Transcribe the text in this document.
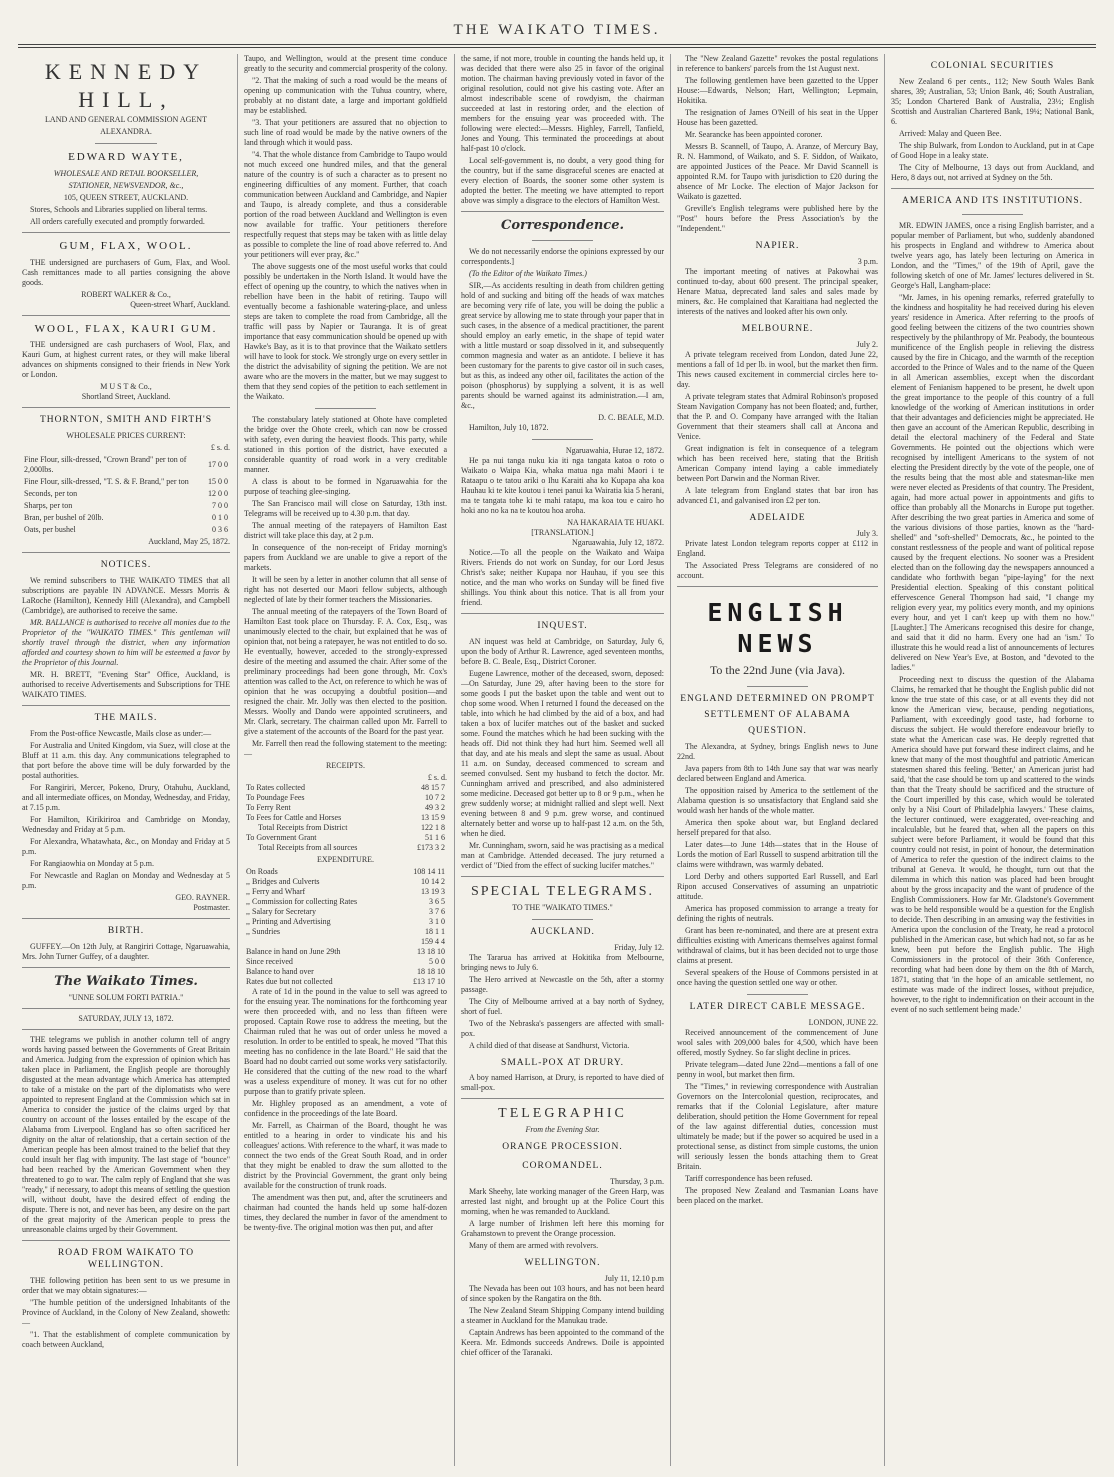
THE WAIKATO TIMES.
KENNEDY HILL,
LAND AND GENERAL COMMISSION AGENT
ALEXANDRA.
EDWARD WAYTE,
WHOLESALE AND RETAIL BOOKSELLER,
STATIONER, NEWSVENDOR, &c.,
105, QUEEN STREET, AUCKLAND.

Stores, Schools and Libraries supplied on liberal terms.

All orders carefully executed and promptly forwarded.

GUM, FLAX, WOOL.

THE undersigned are purchasers of Gum, Flax, and Wool. Cash remittances made to all parties consigning the above goods.

ROBERT WALKER & Co.,
Queen-street Wharf, Auckland.
WOOL, FLAX, KAURI GUM.

THE undersigned are cash purchasers of Wool, Flax, and Kauri Gum, at highest current rates, or they will make liberal advances on shipments consigned to their friends in New York or London.

M U S T & Co.,
Shortland Street, Auckland.
THORNTON, SMITH AND FIRTH'S
WHOLESALE PRICES CURRENT:
£ s. d.
Fine Flour, silk-dressed, "Crown Brand" per ton of 2,000lbs.	17 0 0
Fine Flour, silk-dressed, "T. S. & F. Brand," per ton	15 0 0
Seconds, per ton	12 0 0
Sharps, per ton	7 0 0
Bran, per bushel of 20lb.	0 1 0
Oats, per bushel	0 3 6
Auckland, May 25, 1872.
NOTICES.

We remind subscribers to THE WAIKATO TIMES that all subscriptions are payable IN ADVANCE. Messrs Morris & LaRoche (Hamilton), Kennedy Hill (Alexandra), and Campbell (Cambridge), are authorised to receive the same.

MR. BALLANCE is authorised to receive all monies due to the Proprietor of the "WAIKATO TIMES." This gentleman will shortly travel through the district, when any information afforded and courtesy shown to him will be esteemed a favor by the Proprietor of this Journal.

MR. H. BRETT, "Evening Star" Office, Auckland, is authorised to receive Advertisements and Subscriptions for THE WAIKATO TIMES.

THE MAILS.

From the Post-office Newcastle, Mails close as under:—

For Australia and United Kingdom, via Suez, will close at the Bluff at 11 a.m. this day. Any communications telegraphed to that port before the above time will be duly forwarded by the postal authorities.

For Rangiriri, Mercer, Pokeno, Drury, Otahuhu, Auckland, and all intermediate offices, on Monday, Wednesday, and Friday, at 7.15 p.m.

For Hamilton, Kirikiriroa and Cambridge on Monday, Wednesday and Friday at 5 p.m.

For Alexandra, Whatawhata, &c., on Monday and Friday at 5 p.m.

For Rangiaowhia on Monday at 5 p.m.

For Newcastle and Raglan on Monday and Wednesday at 5 p.m.

GEO. RAYNER.
Postmaster.
BIRTH.

GUFFEY.—On 12th July, at Rangiriri Cottage, Ngaruawahia, Mrs. John Turner Guffey, of a daughter.

The Waikato Times.
"UNNE SOLUM FORTI PATRIA."
SATURDAY, JULY 13, 1872.

THE telegrams we publish in another column tell of angry words having passed between the Governments of Great Britain and America. Judging from the expression of opinion which has taken place in Parliament, the English people are thoroughly disgusted at the mean advantage which America has attempted to take of a mistake on the part of the diplomatists who were appointed to represent England at the Commission which sat in America to consider the justice of the claims urged by that country on account of the losses entailed by the escape of the Alabama from Liverpool. England has so often sacrificed her dignity on the altar of relationship, that a certain section of the American people has been almost trained to the belief that they could insult her flag with impunity. The last stage of "bounce" had been reached by the American Government when they threatened to go to war. The calm reply of England that she was "ready," if necessary, to adopt this means of settling the question will, without doubt, have the desired effect of ending the dispute. There is not, and never has been, any desire on the part of the great majority of the American people to press the unreasonable claims urged by their Government.

ROAD FROM WAIKATO TO WELLINGTON.

THE following petition has been sent to us we presume in order that we may obtain signatures:—

"The humble petition of the undersigned Inhabitants of the Province of Auckland, in the Colony of New Zealand, showeth:—

"1. That the establishment of complete communication by coach between Auckland,

Taupo, and Wellington, would at the present time conduce greatly to the security and commercial prosperity of the colony.

"2. That the making of such a road would be the means of opening up communication with the Tuhua country, where, probably at no distant date, a large and important goldfield may be established.

"3. That your petitioners are assured that no objection to such line of road would be made by the native owners of the land through which it would pass.

"4. That the whole distance from Cambridge to Taupo would not much exceed one hundred miles, and that the general nature of the country is of such a character as to present no engineering difficulties of any moment. Further, that coach communication between Auckland and Cambridge, and Napier and Taupo, is already complete, and thus a considerable portion of the road between Auckland and Wellington is even now available for traffic. Your petitioners therefore respectfully request that steps may be taken with as little delay as possible to complete the line of road above referred to. And your petitioners will ever pray, &c."

The above suggests one of the most useful works that could possibly be undertaken in the North Island. It would have the effect of opening up the country, to which the natives when in rebellion have been in the habit of retiring. Taupo will eventually become a fashionable watering-place, and unless steps are taken to complete the road from Cambridge, all the traffic will pass by Napier or Tauranga. It is of great importance that easy communication should be opened up with Hawke's Bay, as it is to that province that the Waikato settlers will have to look for stock. We strongly urge on every settler in the district the advisability of signing the petition. We are not aware who are the movers in the matter, but we may suggest to them that they send copies of the petition to each settlement in the Waikato.

The constabulary lately stationed at Ohote have completed the bridge over the Ohote creek, which can now be crossed with safety, even during the heaviest floods. This party, while stationed in this portion of the district, have executed a considerable quantity of road work in a very creditable manner.

A class is about to be formed in Ngaruawahia for the purpose of teaching glee-singing.

The San Francisco mail will close on Saturday, 13th inst. Telegrams will be received up to 4.30 p.m. that day.

The annual meeting of the ratepayers of Hamilton East district will take place this day, at 2 p.m.

In consequence of the non-receipt of Friday morning's papers from Auckland we are unable to give a report of the markets.

It will be seen by a letter in another column that all sense of right has not deserted our Maori fellow subjects, although neglected of late by their former teachers the Missionaries.

The annual meeting of the ratepayers of the Town Board of Hamilton East took place on Thursday. F. A. Cox, Esq., was unanimously elected to the chair, but explained that he was of opinion that, not being a ratepayer, he was not entitled to do so. He eventually, however, acceded to the strongly-expressed desire of the meeting and assumed the chair. After some of the preliminary proceedings had been gone through, Mr. Cox's attention was called to the Act, on reference to which he was of opinion that he was occupying a doubtful position—and resigned the chair. Mr. Jolly was then elected to the position. Messrs. Woolly and Dando were appointed scrutineers, and Mr. Clark, secretary. The chairman called upon Mr. Farrell to give a statement of the accounts of the Board for the past year.

Mr. Farrell then read the following statement to the meeting:—

RECEIPTS.
£ s. d.
To Rates collected	48 15 7
To Poundage Fees	10 7 2
To Ferry Rent	49 3 2
To Fees for Cattle and Horses	13 15 9
Total Receipts from District	122 1 8
To Government Grant	51 1 6
Total Receipts from all sources	£173 3 2
EXPENDITURE.
On Roads	108 14 11
,, Bridges and Culverts	10 14 2
,, Ferry and Wharf	13 19 3
,, Commission for collecting Rates	3 6 5
,, Salary for Secretary	3 7 6
,, Printing and Advertising	3 1 0
,, Sundries	18 1 1
	159 4 4
Balance in hand on June 29th	13 18 10
Since received	5 0 0
Balance to hand over	18 18 10
Rates due but not collected	£13 17 10

A rate of 1d in the pound in the value to sell was agreed to for the ensuing year. The nominations for the forthcoming year were then proceeded with, and no less than fifteen were proposed. Captain Rowe rose to address the meeting, but the Chairman ruled that he was out of order unless he moved a resolution. In order to be entitled to speak, he moved "That this meeting has no confidence in the late Board." He said that the Board had no doubt carried out some works very satisfactorily. He considered that the cutting of the new road to the wharf was a useless expenditure of money. It was cut for no other purpose than to gratify private spleen.

Mr. Highley proposed as an amendment, a vote of confidence in the proceedings of the late Board.

Mr. Farrell, as Chairman of the Board, thought he was entitled to a hearing in order to vindicate his and his colleagues' actions. With reference to the wharf, it was made to connect the two ends of the Great South Road, and in order that they might be enabled to draw the sum allotted to the district by the Provincial Government, the grant only being available for the construction of trunk roads.

The amendment was then put, and, after the scrutineers and chairman had counted the hands held up some half-dozen times, they declared the number in favor of the amendment to be twenty-five. The original motion was then put, and after

the same, if not more, trouble in counting the hands held up, it was decided that there were also 25 in favor of the original motion. The chairman having previously voted in favor of the original resolution, could not give his casting vote. After an almost indescribable scene of rowdyism, the chairman succeeded at last in restoring order, and the election of members for the ensuing year was proceeded with. The following were elected:—Messrs. Highley, Farrell, Tanfield, Jones and Young. This terminated the proceedings at about half-past 10 o'clock.

Local self-government is, no doubt, a very good thing for the country, but if the same disgraceful scenes are enacted at every election of Boards, the sooner some other system is adopted the better. The meeting we have attempted to report above was simply a disgrace to the electors of Hamilton West.

Correspondence.

We do not necessarily endorse the opinions expressed by our correspondents.]

(To the Editor of the Waikato Times.)

SIR,—As accidents resulting in death from children getting hold of and sucking and biting off the heads of wax matches are becoming very rife of late, you will be doing the public a great service by allowing me to state through your paper that in such cases, in the absence of a medical practitioner, the parent should employ an early emetic, in the shape of tepid water with a little mustard or soap dissolved in it, and subsequently common magnesia and water as an antidote. I believe it has been customary for the parents to give castor oil in such cases, but as this, as indeed any other oil, facilitates the action of the poison (phosphorus) by supplying a solvent, it is as well parents should be warned against its administration.—I am, &c.,

D. C. BEALE, M.D.

Hamilton, July 10, 1872.

Ngaruawahia, Hurae 12, 1872.

He pa nui tanga nuku kia iti nga tangata katoa o roto o Waikato o Waipa Kia, whaka matua nga mahi Maori i te Rataapu o te tatou ariki o Ihu Karaiti aha ko Kupapa aha koa Hauhau ki te kite koutou i tenei panui ka Wairatia kia 5 herani, ma te tangata tohe ki te mahi ratapu, ma koa tou e cairo ho hoki ano no ka na te koutou hoa aroha.

NA HAKARAIA TE HUAKI.
[TRANSLATION.]
Ngaruawahia, July 12, 1872.

Notice.—To all the people on the Waikato and Waipa Rivers. Friends do not work on Sunday, for our Lord Jesus Christ's sake; neither Kupapa nor Hauhau, if you see this notice, and the man who works on Sunday will be fined five shillings. You think about this notice. That is all from your friend.

INQUEST.

AN inquest was held at Cambridge, on Saturday, July 6, upon the body of Arthur R. Lawrence, aged seventeen months, before B. C. Beale, Esq., District Coroner.

Eugene Lawrence, mother of the deceased, sworn, deposed:—On Saturday, June 29, after having been to the store for some goods I put the basket upon the table and went out to chop some wood. When I returned I found the deceased on the table, into which he had climbed by the aid of a box, and had taken a box of lucifer matches out of the basket and sucked some. Found the matches which he had been sucking with the heads off. Did not think they had hurt him. Seemed well all that day, and ate his meals and slept the same as usual. About 11 a.m. on Sunday, deceased commenced to scream and seemed convulsed. Sent my husband to fetch the doctor. Mr. Cunningham arrived and prescribed, and also administered some medicine. Deceased got better up to 8 or 9 p.m., when he grew suddenly worse; at midnight rallied and slept well. Next evening between 8 and 9 p.m. grew worse, and continued alternately better and worse up to half-past 12 a.m. on the 5th, when he died.

Mr. Cunningham, sworn, said he was practising as a medical man at Cambridge. Attended deceased. The jury returned a verdict of "Died from the effect of sucking lucifer matches."

SPECIAL TELEGRAMS.
TO THE "WAIKATO TIMES."
AUCKLAND.
Friday, July 12.

The Tararua has arrived at Hokitika from Melbourne, bringing news to July 6.

The Hero arrived at Newcastle on the 5th, after a stormy passage.

The City of Melbourne arrived at a bay north of Sydney, short of fuel.

Two of the Nebraska's passengers are affected with small-pox.

A child died of that disease at Sandhurst, Victoria.

SMALL-POX AT DRURY.

A boy named Harrison, at Drury, is reported to have died of small-pox.

TELEGRAPHIC
From the Evening Star.
ORANGE PROCESSION.
COROMANDEL.
Thursday, 3 p.m.

Mark Sheehy, late working manager of the Green Harp, was arrested last night, and brought up at the Police Court this morning, when he was remanded to Auckland.

A large number of Irishmen left here this morning for Grahamstown to prevent the Orange procession.

Many of them are armed with revolvers.

WELLINGTON.
July 11, 12.10 p.m

The Nevada has been out 103 hours, and has not been heard of since spoken by the Rangatira on the 8th.

The New Zealand Steam Shipping Company intend building a steamer in Auckland for the Manukau trade.

Captain Andrews has been appointed to the command of the Keera. Mr. Edmonds succeeds Andrews. Doile is appointed chief officer of the Taranaki.

The "New Zealand Gazette" revokes the postal regulations in reference to bankers' parcels from the 1st August next.

The following gentlemen have been gazetted to the Upper House:—Edwards, Nelson; Hart, Wellington; Lepmain, Hokitika.

The resignation of James O'Neill of his seat in the Upper House has been gazetted.

Mr. Searancke has been appointed coroner.

Messrs B. Scannell, of Taupo, A. Aranze, of Mercury Bay, R. N. Hammond, of Waikato, and S. F. Siddon, of Waikato, are appointed Justices of the Peace. Mr David Scannell is appointed R.M. for Taupo with jurisdiction to £20 during the absence of Mr Locke. The election of Major Jackson for Waikato is gazetted.

Greville's English telegrams were published here by the "Post" hours before the Press Association's by the "Independent."

NAPIER.
3 p.m.

The important meeting of natives at Pakowhai was continued to-day, about 600 present. The principal speaker, Henare Matua, deprecated land sales and sales made by miners, &c. He complained that Karaitiana had neglected the interests of the natives and looked after his own only.

MELBOURNE.
July 2.

A private telegram received from London, dated June 22, mentions a fall of 1d per lb. in wool, but the market then firm. This news caused excitement in commercial circles here to-day.

A private telegram states that Admiral Robinson's proposed Steam Navigation Company has not been floated; and, further, that the P. and O. Company have arranged with the Italian Government that their steamers shall call at Ancona and Venice.

Great indignation is felt in consequence of a telegram which has been received here, stating that the British American Company intend laying a cable immediately between Port Darwin and the Norman River.

A late telegram from England states that bar iron has advanced £1, and galvanised iron £2 per ton.

ADELAIDE
July 3.

Private latest London telegram reports copper at £112 in England.

The Associated Press Telegrams are considered of no account.

ENGLISH NEWS
To the 22nd June (via Java).
ENGLAND DETERMINED ON PROMPT
SETTLEMENT OF ALABAMA
QUESTION.

The Alexandra, at Sydney, brings English news to June 22nd.

Java papers from 8th to 14th June say that war was nearly declared between England and America.

The opposition raised by America to the settlement of the Alabama question is so unsatisfactory that England said she would wash her hands of the whole matter.

America then spoke about war, but England declared herself prepared for that also.

Later dates—to June 14th—states that in the House of Lords the motion of Earl Russell to suspend arbitration till the claims were withdrawn, was warmly debated.

Lord Derby and others supported Earl Russell, and Earl Ripon accused Conservatives of assuming an unpatriotic attitude.

America has proposed commission to arrange a treaty for defining the rights of neutrals.

Grant has been re-nominated, and there are at present extra difficulties existing with Americans themselves against formal withdrawal of claims, but it has been decided not to urge those claims at present.

Several speakers of the House of Commons persisted in at once having the question settled one way or other.

LATER DIRECT CABLE MESSAGE.
LONDON, JUNE 22.

Received announcement of the commencement of June wool sales with 209,000 bales for 4,500, which have been offered, mostly Sydney. So far slight decline in prices.

Private telegram—dated June 22nd—mentions a fall of one penny in wool, but market then firm.

The "Times," in reviewing correspondence with Australian Governors on the Intercolonial question, reciprocates, and remarks that if the Colonial Legislature, after mature deliberation, should petition the Home Government for repeal of the law against differential duties, concession must ultimately be made; but if the power so acquired be used in a protectional sense, as distinct from simple customs, the union will seriously lessen the bonds attaching them to Great Britain.

Tariff correspondence has been refused.

The proposed New Zealand and Tasmanian Loans have been placed on the market.

COLONIAL SECURITIES

New Zealand 6 per cents., 112; New South Wales Bank shares, 39; Australian, 53; Union Bank, 46; South Australian, 35; London Chartered Bank of Australia, 23½; English Scottish and Australian Chartered Bank, 19¼; National Bank, 6.

Arrived: Malay and Queen Bee.

The ship Bulwark, from London to Auckland, put in at Cape of Good Hope in a leaky state.

The City of Melbourne, 13 days out from Auckland, and Hero, 8 days out, not arrived at Sydney on the 5th.

AMERICA AND ITS INSTITUTIONS.

MR. EDWIN JAMES, once a rising English barrister, and a popular member of Parliament, but who, suddenly abandoned his prospects in England and withdrew to America about twelve years ago, has lately been lecturing on America in London, and the "Times," of the 19th of April, gave the following sketch of one of Mr. James' lectures delivered in St. George's Hall, Langham-place:

"Mr. James, in his opening remarks, referred gratefully to the kindness and hospitality he had received during his eleven years' residence in America. After referring to the proofs of good feeling between the citizens of the two countries shown respectively by the philanthropy of Mr. Peabody, the bounteous munificence of the English people in relieving the distress caused by the fire in Chicago, and the warmth of the reception accorded to the Prince of Wales and to the name of the Queen in all American assemblies, except when the discordant element of Fenianism happened to be present, he dwelt upon the great importance to the people of this country of a full knowledge of the working of American institutions in order that their advantages and deficiencies might be appreciated. He then gave an account of the American Republic, describing in detail the electoral machinery of the Federal and State Governments. He pointed out the objections which were recognised by intelligent Americans to the system of not electing the President directly by the vote of the people, one of the results being that the most able and statesman-like men were never elected as Presidents of that country. The President, again, had more actual power in appointments and gifts to office than probably all the Monarchs in Europe put together. After describing the two great parties in America and some of the various divisions of those parties, known as the "hard-shelled" and "soft-shelled" Democrats, &c., he pointed to the constant restlessness of the people and want of political repose caused by the frequent elections. No sooner was a President elected than on the following day the newspapers announced a candidate who forthwith began "pipe-laying" for the next Presidential election. Speaking of this constant political effervescence General Thompson had said, "I change my religion every year, my politics every month, and my opinions every hour, and yet I can't keep up with them no how." [Laughter.] The Americans recognised this desire for change, and said that it did no harm. Every one had an 'ism.' To illustrate this he would read a list of announcements of lectures delivered on New Year's Eve, at Boston, and "devoted to the ladies."

Proceeding next to discuss the question of the Alabama Claims, he remarked that he thought the English public did not know the true state of this case, or at all events they did not know the American view, because, pending negotiations, Parliament, with exceedingly good taste, had forborne to discuss the subject. He would therefore endeavour briefly to state what the American case was. He deeply regretted that America should have put forward these indirect claims, and he knew that many of the most thoughtful and patriotic American statesmen shared this feeling. 'Better,' an American jurist had said, 'that the case should be torn up and scattered to the winds than that the Treaty should be sacrificed and the structure of the Court imperilled by this case, which would be tolerated only by a Nisi Court of Philadelphia lawyers.' These claims, the lecturer continued, were exaggerated, over-reaching and incalculable, but he feared that, when all the papers on this subject were before Parliament, it would be found that this country could not resist, in point of honour, the determination of America to refer the question of the indirect claims to the tribunal at Geneva. It would, he thought, turn out that the dilemma in which this nation was placed had been brought about by the gross incapacity and the want of prudence of the English Commissioners. How far Mr. Gladstone's Government was to be held responsible would be a question for the English to decide. Then describing in an amusing way the festivities in America upon the conclusion of the Treaty, he read a protocol published in the American case, but which had not, so far as he knew, been put before the English public. The High Commissioners in the protocol of their 36th Conference, recording what had been done by them on the 8th of March, 1871, stating that 'in the hope of an amicable settlement, no estimate was made of the indirect losses, without prejudice, however, to the right to indemnification on their account in the event of no such settlement being made.'
